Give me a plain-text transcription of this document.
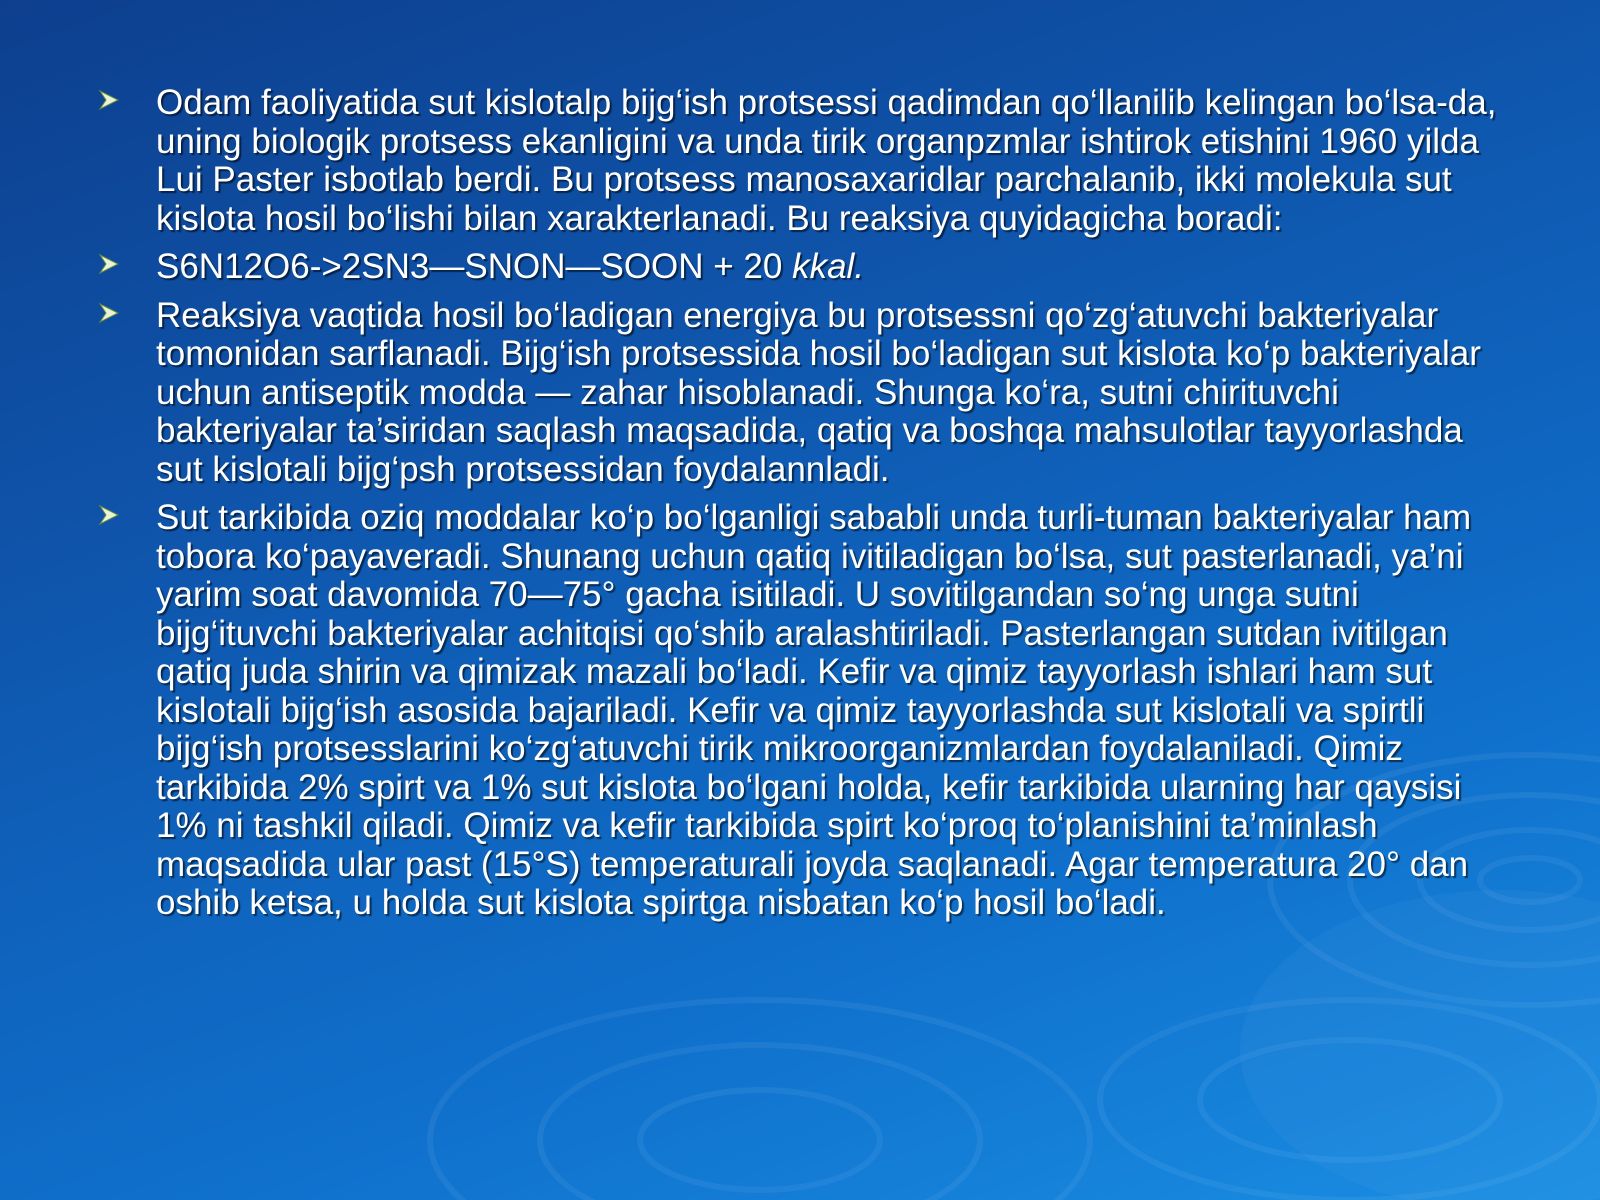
Odam faoliyatida sut kislotalp bijg‘ish protsessi qadimdan qo‘llanilib kelingan bo‘lsa-da, uning biologik protsess ekanligini va unda tirik organpzmlar ishtirok etishini 1960 yilda Lui Paster isbotlab berdi. Bu protsess manosaxaridlar parchalanib, ikki molekula sut kislota hosil bo‘lishi bilan xarakterlanadi. Bu reaksiya quyidagicha boradi:
S6N12O6->2SN3—SNON—SOON + 20 kkal.
Reaksiya vaqtida hosil bo‘ladigan energiya bu protsessni qo‘zg‘atuvchi bakteriyalar tomonidan sarflanadi. Bijg‘ish protsessida hosil bo‘ladigan sut kislota ko‘p bakteriyalar uchun antiseptik modda — zahar hisoblanadi. Shunga ko‘ra, sutni chirituvchi bakteriyalar ta’siridan saqlash maqsadida, qatiq va boshqa mahsulotlar tayyorlashda sut kislotali bijg‘psh protsessidan foydalannladi.
Sut tarkibida oziq moddalar ko‘p bo‘lganligi sababli unda turli-tuman bakteriyalar ham tobora ko‘payaveradi. Shunang uchun qatiq ivitiladigan bo‘lsa, sut pasterlanadi, ya’ni yarim soat davomida 70—75° gacha isitiladi. U sovitilgandan so‘ng unga sutni bijg‘ituvchi bakteriyalar achitqisi qo‘shib aralashtiriladi. Pasterlangan sutdan ivitilgan qatiq juda shirin va qimizak mazali bo‘ladi. Kefir va qimiz tayyorlash ishlari ham sut kislotali bijg‘ish asosida bajariladi. Kefir va qimiz tayyorlashda sut kislotali va spirtli bijg‘ish protsesslarini ko‘zg‘atuvchi tirik mikroorganizmlardan foydalaniladi. Qimiz tarkibida 2% spirt va 1% sut kislota bo‘lgani holda, kefir tarkibida ularning har qaysisi 1% ni tashkil qiladi. Qimiz va kefir tarkibida spirt ko‘proq to‘planishini ta’minlash maqsadida ular past (15°S) temperaturali joyda saqlanadi. Agar temperatura 20° dan oshib ketsa, u holda sut kislota spirtga nisbatan ko‘p hosil bo‘ladi.
